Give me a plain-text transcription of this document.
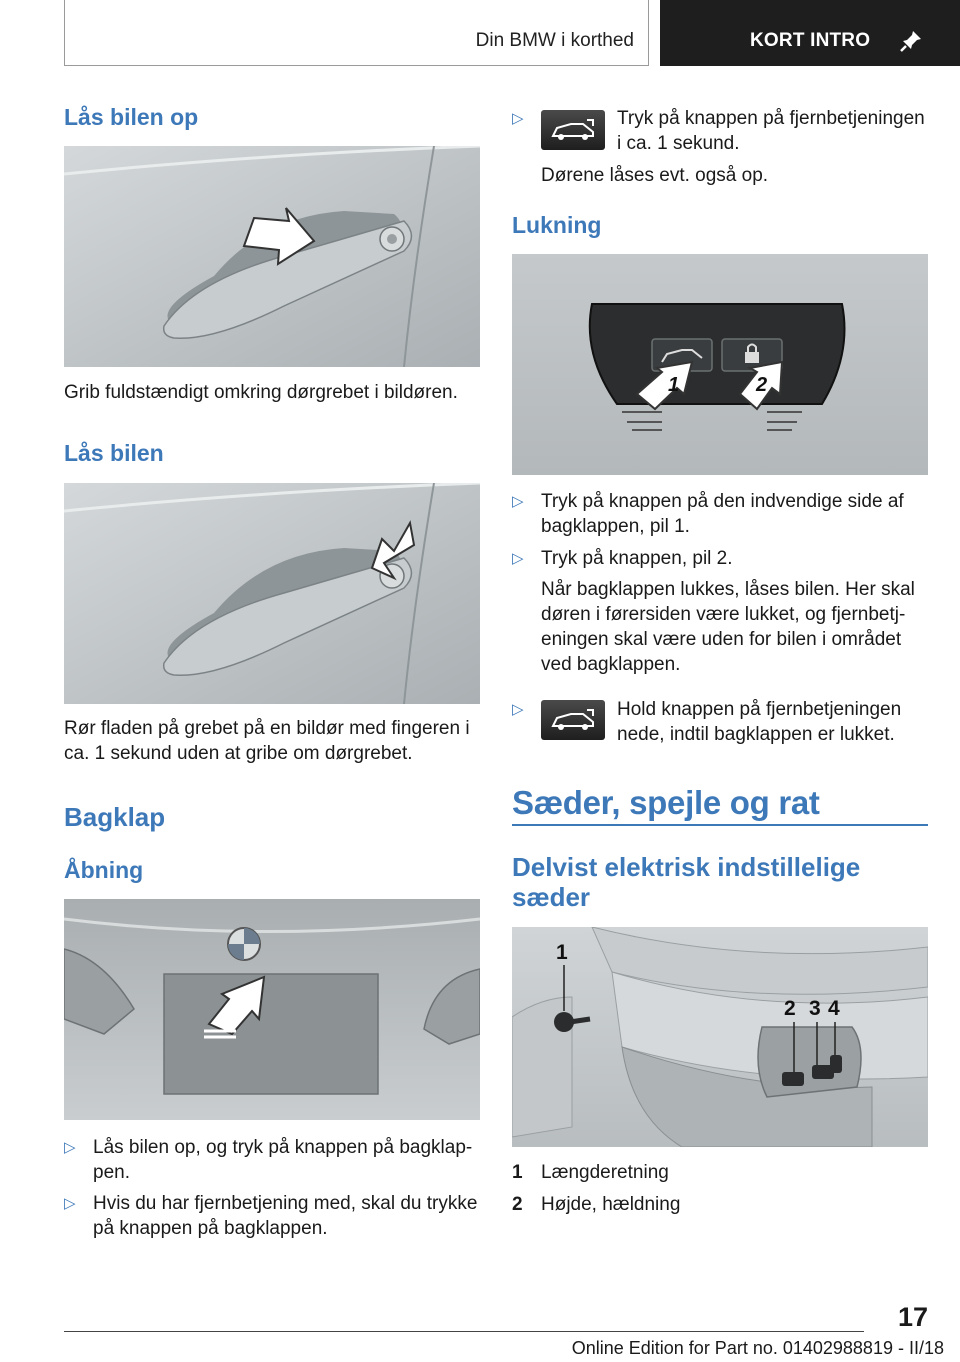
Din BMW i korthed	KORT INTRO
Lås bilen op
Grib fuldstændigt omkring dørgrebet i bildøren.
Lås bilen
Rør fladen på grebet på en bildør med fingeren i
ca. 1 sekund uden at gribe om dørgrebet.
Bagklap
Åbning
▷ Lås bilen op, og tryk på knappen på bagklap-
pen.
▷ Hvis du har fjernbetjening med, skal du trykke
på knappen på bagklappen.
▷	Tryk på knappen på fjernbetjeningen
i ca. 1 sekund.
Dørene låses evt. også op.
Lukning
1	2
▷ Tryk på knappen på den indvendige side af
bagklappen, pil 1.
▷ Tryk på knappen, pil 2.
Når bagklappen lukkes, låses bilen. Her skal
døren i førersiden være lukket, og fjernbetj-
eningen skal være uden for bilen i området
ved bagklappen.
▷	Hold knappen på fjernbetjeningen
nede, indtil bagklappen er lukket.
Sæder, spejle og rat
Delvist elektrisk indstillelige
sæder
1
2 3 4
1 Længderetning
2 Højde, hældning
17
Online Edition for Part no. 01402988819 - II/18
